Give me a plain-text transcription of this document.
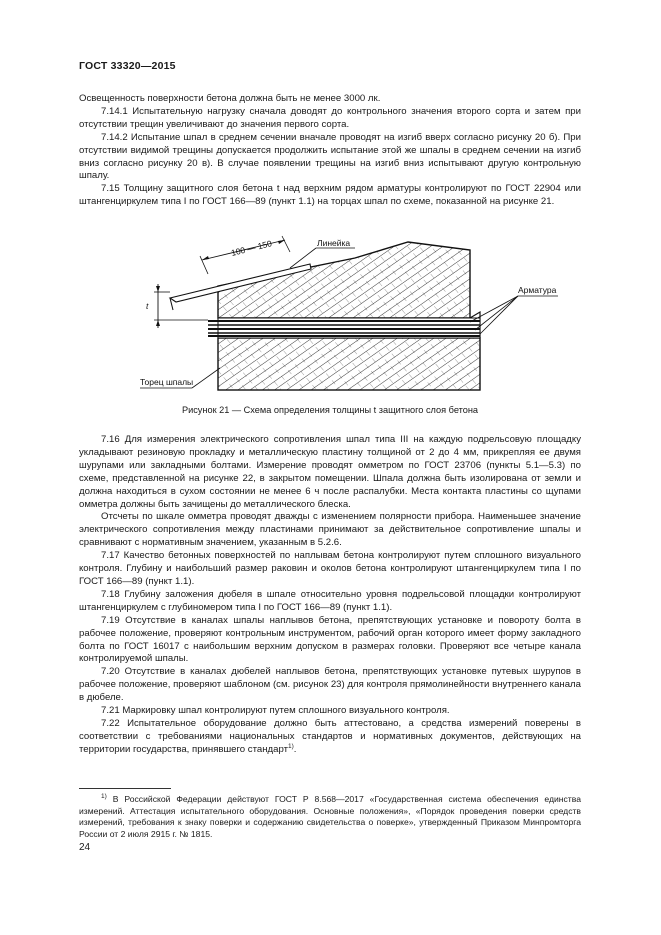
ГОСТ 33320—2015

Освещенность поверхности бетона должна быть не менее 3000 лк.

7.14.1 Испытательную нагрузку сначала доводят до контрольного значения второго сорта и затем при отсутствии трещин увеличивают до значения первого сорта.

7.14.2 Испытание шпал в среднем сечении вначале проводят на изгиб вверх согласно рисунку 20 б). При отсутствии видимой трещины допускается продолжить испытание этой же шпалы в среднем сечении на изгиб вниз согласно рисунку 20 в). В случае появлении трещины на изгиб вниз испытывают другую контрольную шпалу.

7.15 Толщину защитного слоя бетона t над верхним рядом арматуры контролируют по ГОСТ 22904 или штангенциркулем типа I по ГОСТ 166—89 (пункт 1.1) на торцах шпал по схеме, показанной на рисунке 21.

100 — 150
t
Линейка
Арматура
Торец шпалы
Рисунок 21 — Схема определения толщины t защитного слоя бетона

7.16 Для измерения электрического сопротивления шпал типа III на каждую подрельсовую площадку укладывают резиновую прокладку и металлическую пластину толщиной от 2 до 4 мм, прикрепляя ее двумя шурупами или закладными болтами. Измерение проводят омметром по ГОСТ 23706 (пункты 5.1—5.3) по схеме, представленной на рисунке 22, в закрытом помещении. Шпала должна быть изолирована от земли и должна находиться в сухом состоянии не менее 6 ч после распалубки. Места контакта пластины со щупами омметра должны быть зачищены до металлического блеска.

Отсчеты по шкале омметра проводят дважды с изменением полярности прибора. Наименьшее значение электрического сопротивления между пластинами принимают за действительное сопротивление шпалы и сравнивают с нормативным значением, указанным в 5.2.6.

7.17 Качество бетонных поверхностей по наплывам бетона контролируют путем сплошного визуального контроля. Глубину и наибольший размер раковин и околов бетона контролируют штангенциркулем типа I по ГОСТ 166—89 (пункт 1.1).

7.18 Глубину заложения дюбеля в шпале относительно уровня подрельсовой площадки контролируют штангенциркулем с глубиномером типа I по ГОСТ 166—89 (пункт 1.1).

7.19 Отсутствие в каналах шпалы наплывов бетона, препятствующих установке и повороту болта в рабочее положение, проверяют контрольным инструментом, рабочий орган которого имеет форму закладного болта по ГОСТ 16017 с наибольшим верхним допуском в размерах головки. Проверяют все четыре канала контролируемой шпалы.

7.20 Отсутствие в каналах дюбелей наплывов бетона, препятствующих установке путевых шурупов в рабочее положение, проверяют шаблоном (см. рисунок 23) для контроля прямолинейности внутреннего канала в дюбеле.

7.21 Маркировку шпал контролируют путем сплошного визуального контроля.

7.22 Испытательное оборудование должно быть аттестовано, а средства измерений поверены в соответствии с требованиями национальных стандартов и нормативных документов, действующих на территории государства, принявшего стандарт$^{1)}$.

$^{1)}$ В Российской Федерации действуют ГОСТ Р 8.568—2017 «Государственная система обеспечения единства измерений. Аттестация испытательного оборудования. Основные положения», «Порядок проведения поверки средств измерений, требования к знаку поверки и содержанию свидетельства о поверке», утвержденный Приказом Минпромторга России от 2 июля 2915 г. № 1815.

24
